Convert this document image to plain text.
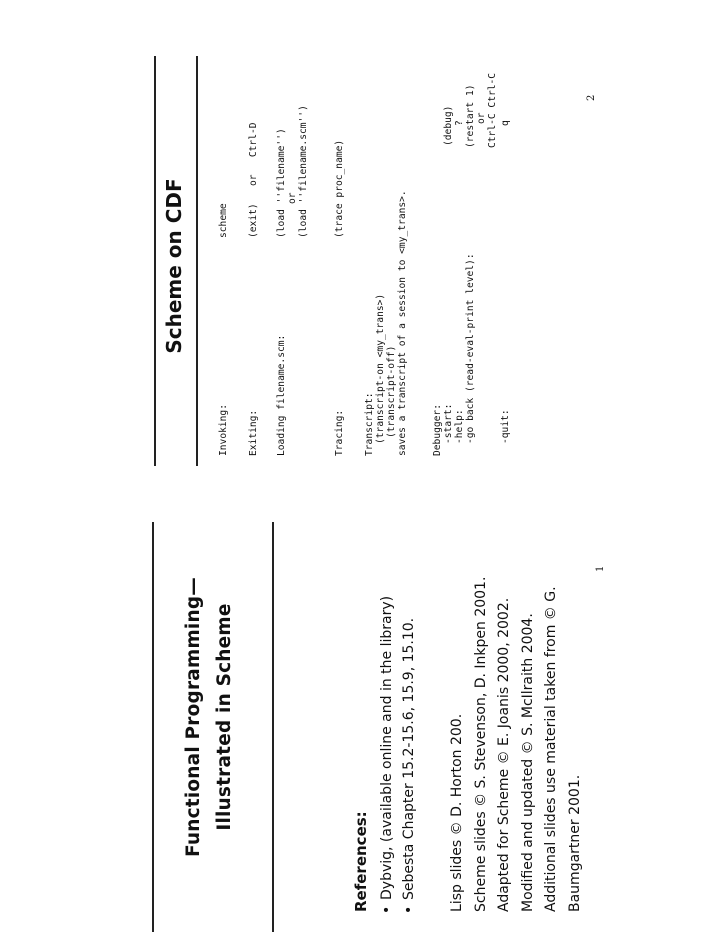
Functional Programming— Illustrated in Scheme
References: •Dybvig, (available online and in the library)
•Sebesta Chapter 15.2-15.6, 15.9, 15.10. Lisp slides © D. Horton 200. Scheme slides © S. Stevenson, D. Inkpen 2001. Adapted for Scheme © E. Joanis 2000, 2002. Modified and updated © S. McIlraith 2004. Additional slides use material taken from © G. Baumgartner 2001.
1
Scheme on CDF
Invoking:
scheme
Exiting:
(exit)   or   Ctrl-D
Loading filename.scm:
(load ''filename'') or (load ''filename.scm'')
Tracing:
(trace proc_name)
Transcript: (transcript-on <my_trans>) (transcript-off) saves a transcript of a session to <my_trans>.	Debugger: -start:
(debug)
-help:
?
-go back (read-eval-print level):
(restart 1) or Ctrl-C Ctrl-C
-quit:
q
2
